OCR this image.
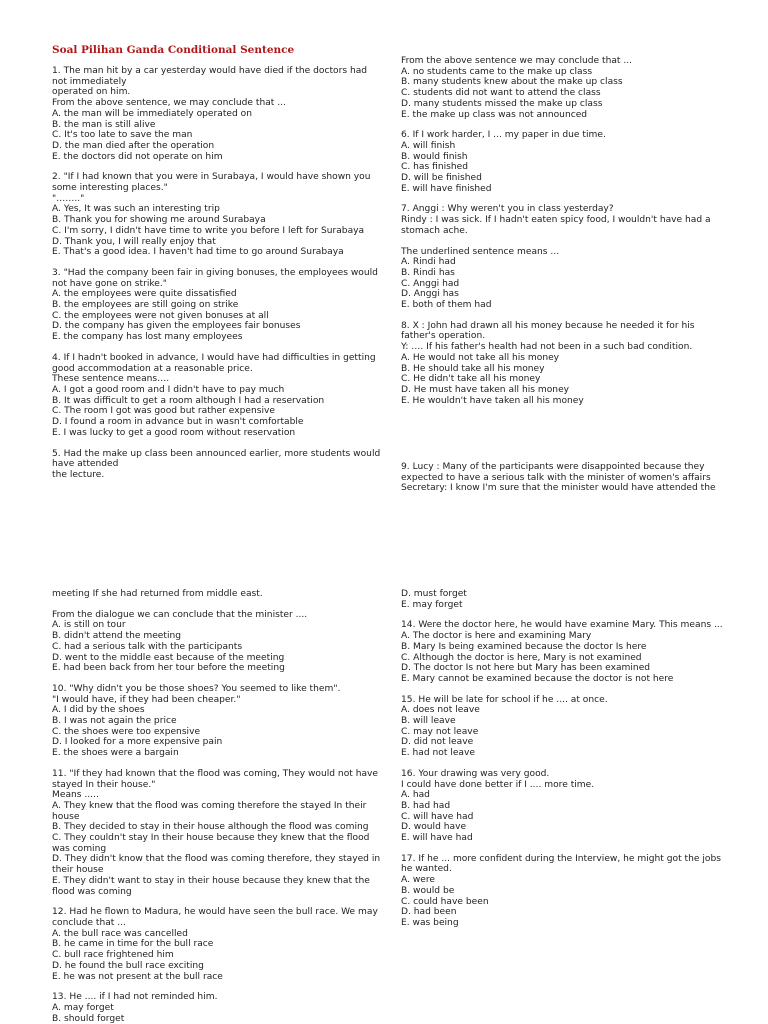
Soal Pilihan Ganda Conditional Sentence

1. The man hit by a car yesterday would have died if the doctors had

not immediately

operated on him.

From the above sentence, we may conclude that ...

A. the man will be immediately operated on

B. the man is still alive

C. It's too late to save the man

D. the man died after the operation

E. the doctors did not operate on him

2. "If I had known that you were in Surabaya, I would have shown you

some interesting places."

"…….."

A. Yes, It was such an interesting trip

B. Thank you for showing me around Surabaya

C. I'm sorry, I didn't have time to write you before I left for Surabaya

D. Thank you, I will really enjoy that

E. That's a good idea. I haven't had time to go around Surabaya

3. "Had the company been fair in giving bonuses, the employees would

not have gone on strike."

A. the employees were quite dissatisfied

B. the employees are still going on strike

C. the employees were not given bonuses at all

D. the company has given the employees fair bonuses

E. the company has lost many employees

4. If I hadn't booked in advance, I would have had difficulties in getting

good accommodation at a reasonable price.

These sentence means….

A. I got a good room and I didn't have to pay much

B. It was difficult to get a room although I had a reservation

C. The room I got was good but rather expensive

D. I found a room in advance but in wasn't comfortable

E. I was lucky to get a good room without reservation

5. Had the make up class been announced earlier, more students would

have attended

the lecture.

From the above sentence we may conclude that ...

A. no students came to the make up class

B. many students knew about the make up class

C. students did not want to attend the class

D. many students missed the make up class

E. the make up class was not announced

6. If I work harder, I ... my paper in due time.

A. will finish

B. would finish

C. has finished

D. will be finished

E. will have finished

7. Anggi : Why weren't you in class yesterday?

Rindy : I was sick. If I hadn't eaten spicy food, I wouldn't have had a

stomach ache.

The underlined sentence means ...

A. Rindi had

B. Rindi has

C. Anggi had

D. Anggi has

E. both of them had

8. X : John had drawn all his money because he needed it for his

father's operation.

Y: …. If his father's health had not been in a such bad condition.

A. He would not take all his money

B. He should take all his money

C. He didn't take all his money

D. He must have taken all his money

E. He wouldn't have taken all his money

9. Lucy : Many of the participants were disappointed because they

expected to have a serious talk with the minister of women's affairs

Secretary: I know I'm sure that the minister would have attended the

meeting If she had returned from middle east.

From the dialogue we can conclude that the minister ....

A. is still on tour

B. didn't attend the meeting

C. had a serious talk with the participants

D. went to the middle east because of the meeting

E. had been back from her tour before the meeting

10. "Why didn't you be those shoes? You seemed to like them".

"I would have, if they had been cheaper."

A. I did by the shoes

B. I was not again the price

C. the shoes were too expensive

D. I looked for a more expensive pain

E. the shoes were a bargain

11. "If they had known that the flood was coming, They would not have

stayed In their house."

Means .....

A. They knew that the flood was coming therefore the stayed In their

house

B. They decided to stay in their house although the flood was coming

C. They couldn't stay In their house because they knew that the flood

was coming

D. They didn't know that the flood was coming therefore, they stayed in

their house

E. They didn't want to stay in their house because they knew that the

flood was coming

12. Had he flown to Madura, he would have seen the bull race. We may

conclude that ...

A. the bull race was cancelled

B. he came in time for the bull race

C. bull race frightened him

D. he found the bull race exciting

E. he was not present at the bull race

13. He .... if I had not reminded him.

A. may forget

B. should forget

D. must forget

E. may forget

14. Were the doctor here, he would have examine Mary. This means ...

A. The doctor is here and examining Mary

B. Mary Is being examined because the doctor Is here

C. Although the doctor is here, Mary is not examined

D. The doctor Is not here but Mary has been examined

E. Mary cannot be examined because the doctor is not here

15. He will be late for school if he .... at once.

A. does not leave

B. will leave

C. may not leave

D. did not leave

E. had not leave

16. Your drawing was very good.

I could have done better if I .... more time.

A. had

B. had had

C. will have had

D. would have

E. will have had

17. If he ... more confident during the Interview, he might got the jobs

he wanted.

A. were

B. would be

C. could have been

D. had been

E. was being
